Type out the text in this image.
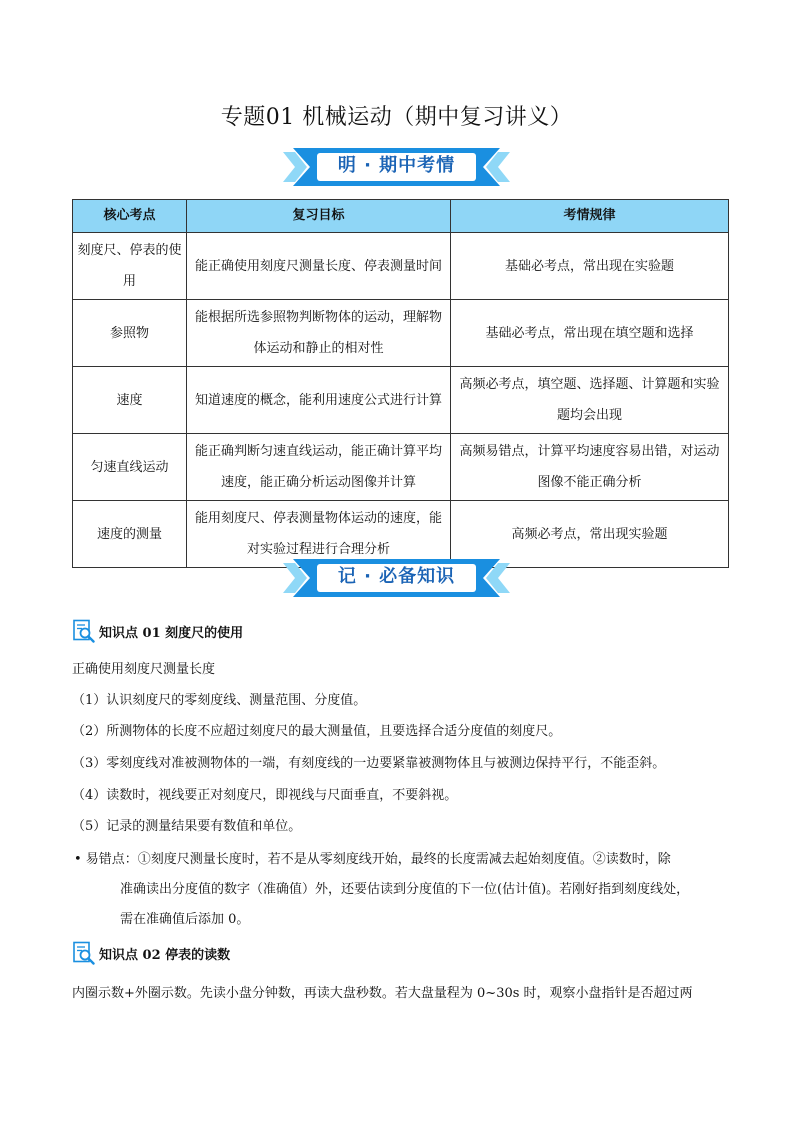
专题01 机械运动（期中复习讲义）
明 · 期中考情
核心考点	复习目标	考情规律
刻度尺、停表的使用	能正确使用刻度尺测量长度、停表测量时间	基础必考点，常出现在实验题
参照物	能根据所选参照物判断物体的运动，理解物体运动和静止的相对性	基础必考点，常出现在填空题和选择
速度	知道速度的概念，能利用速度公式进行计算	高频必考点，填空题、选择题、计算题和实验题均会出现
匀速直线运动	能正确判断匀速直线运动，能正确计算平均速度，能正确分析运动图像并计算	高频易错点，计算平均速度容易出错，对运动图像不能正确分析
速度的测量	能用刻度尺、停表测量物体运动的速度，能对实验过程进行合理分析	高频必考点，常出现实验题
记 · 必备知识
知识点 01 刻度尺的使用
正确使用刻度尺测量长度
（1）认识刻度尺的零刻度线、测量范围、分度值。
（2）所测物体的长度不应超过刻度尺的最大测量值，且要选择合适分度值的刻度尺。
（3）零刻度线对准被测物体的一端，有刻度线的一边要紧靠被测物体且与被测边保持平行，不能歪斜。
（4）读数时，视线要正对刻度尺，即视线与尺面垂直，不要斜视。
（5）记录的测量结果要有数值和单位。
• 易错点：①刻度尺测量长度时，若不是从零刻度线开始，最终的长度需减去起始刻度值。②读数时，除
准确读出分度值的数字（准确值）外，还要估读到分度值的下一位(估计值)。若刚好指到刻度线处，
需在准确值后添加 0。
知识点 02 停表的读数
内圈示数+外圈示数。先读小盘分钟数，再读大盘秒数。若大盘量程为 0~30s 时，观察小盘指针是否超过两
